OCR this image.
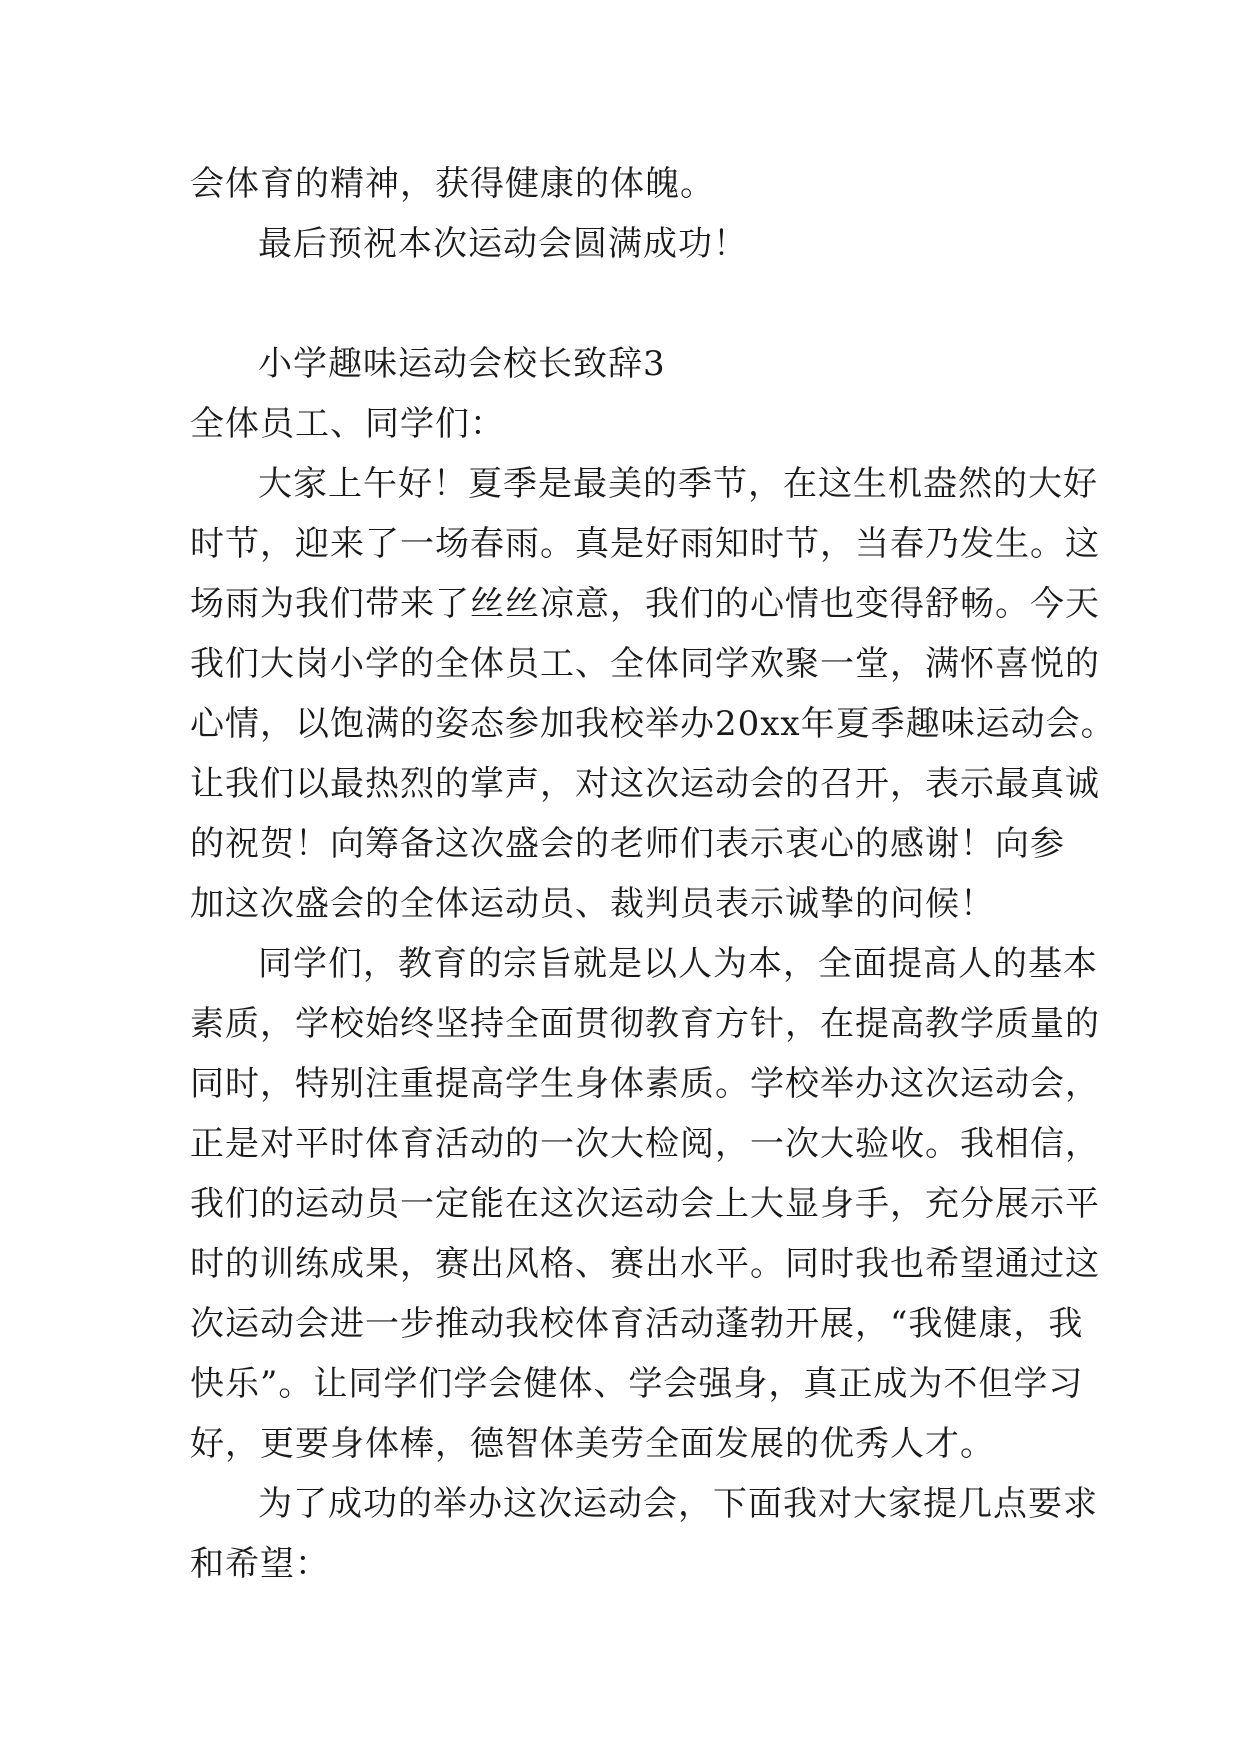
会体育的精神，获得健康的体魄。

最后预祝本次运动会圆满成功！

小学趣味运动会校长致辞3

全体员工、同学们：

大家上午好！夏季是最美的季节，在这生机盎然的大好

时节，迎来了一场春雨。真是好雨知时节，当春乃发生。这

场雨为我们带来了丝丝凉意，我们的心情也变得舒畅。今天

我们大岗小学的全体员工、全体同学欢聚一堂，满怀喜悦的

心情，以饱满的姿态参加我校举办20xx年夏季趣味运动会。

让我们以最热烈的掌声，对这次运动会的召开，表示最真诚

的祝贺！向筹备这次盛会的老师们表示衷心的感谢！向参

加这次盛会的全体运动员、裁判员表示诚挚的问候！

同学们，教育的宗旨就是以人为本，全面提高人的基本

素质，学校始终坚持全面贯彻教育方针，在提高教学质量的

同时，特别注重提高学生身体素质。学校举办这次运动会，

正是对平时体育活动的一次大检阅，一次大验收。我相信，

我们的运动员一定能在这次运动会上大显身手，充分展示平

时的训练成果，赛出风格、赛出水平。同时我也希望通过这

次运动会进一步推动我校体育活动蓬勃开展，“我健康，我

快乐”。让同学们学会健体、学会强身，真正成为不但学习

好，更要身体棒，德智体美劳全面发展的优秀人才。

为了成功的举办这次运动会，下面我对大家提几点要求

和希望：
